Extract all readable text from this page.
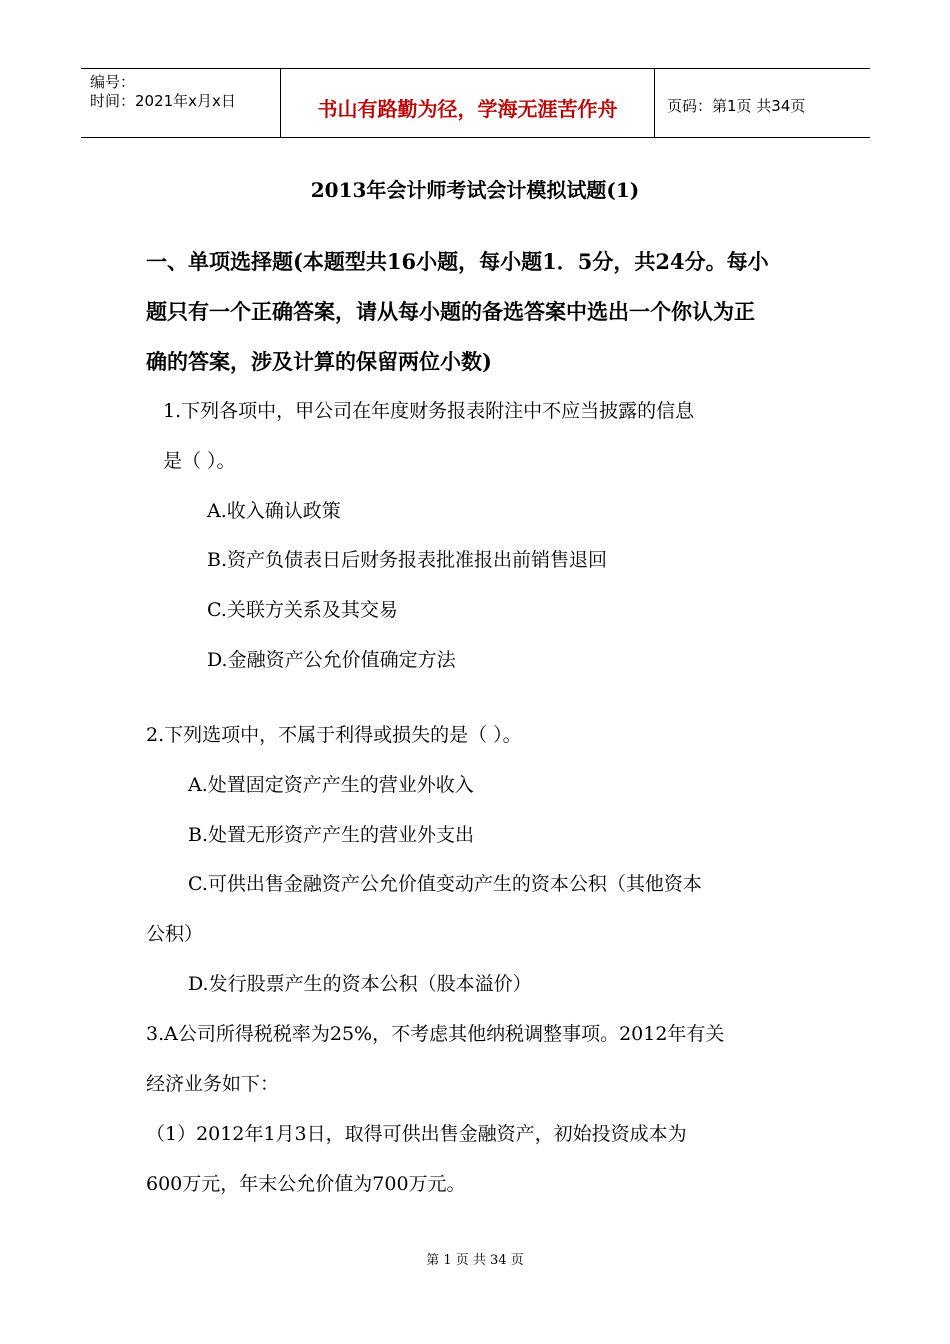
编号：
时间：2021年x月x日	书山有路勤为径，学海无涯苦作舟	页码：第1页 共34页
2013年会计师考试会计模拟试题(1)
一、单项选择题(本题型共16小题，每小题1．5分，共24分。每小
题只有一个正确答案，请从每小题的备选答案中选出一个你认为正
确的答案，涉及计算的保留两位小数)
1.下列各项中，甲公司在年度财务报表附注中不应当披露的信息
是（ ）。
A.收入确认政策
B.资产负债表日后财务报表批准报出前销售退回
C.关联方关系及其交易
D.金融资产公允价值确定方法
2.下列选项中，不属于利得或损失的是（ ）。
A.处置固定资产产生的营业外收入
B.处置无形资产产生的营业外支出
C.可供出售金融资产公允价值变动产生的资本公积（其他资本
公积）
D.发行股票产生的资本公积（股本溢价）
3.A公司所得税税率为25%，不考虑其他纳税调整事项。2012年有关
经济业务如下：
（1）2012年1月3日，取得可供出售金融资产，初始投资成本为
600万元，年末公允价值为700万元。
第 1 页 共 34 页
